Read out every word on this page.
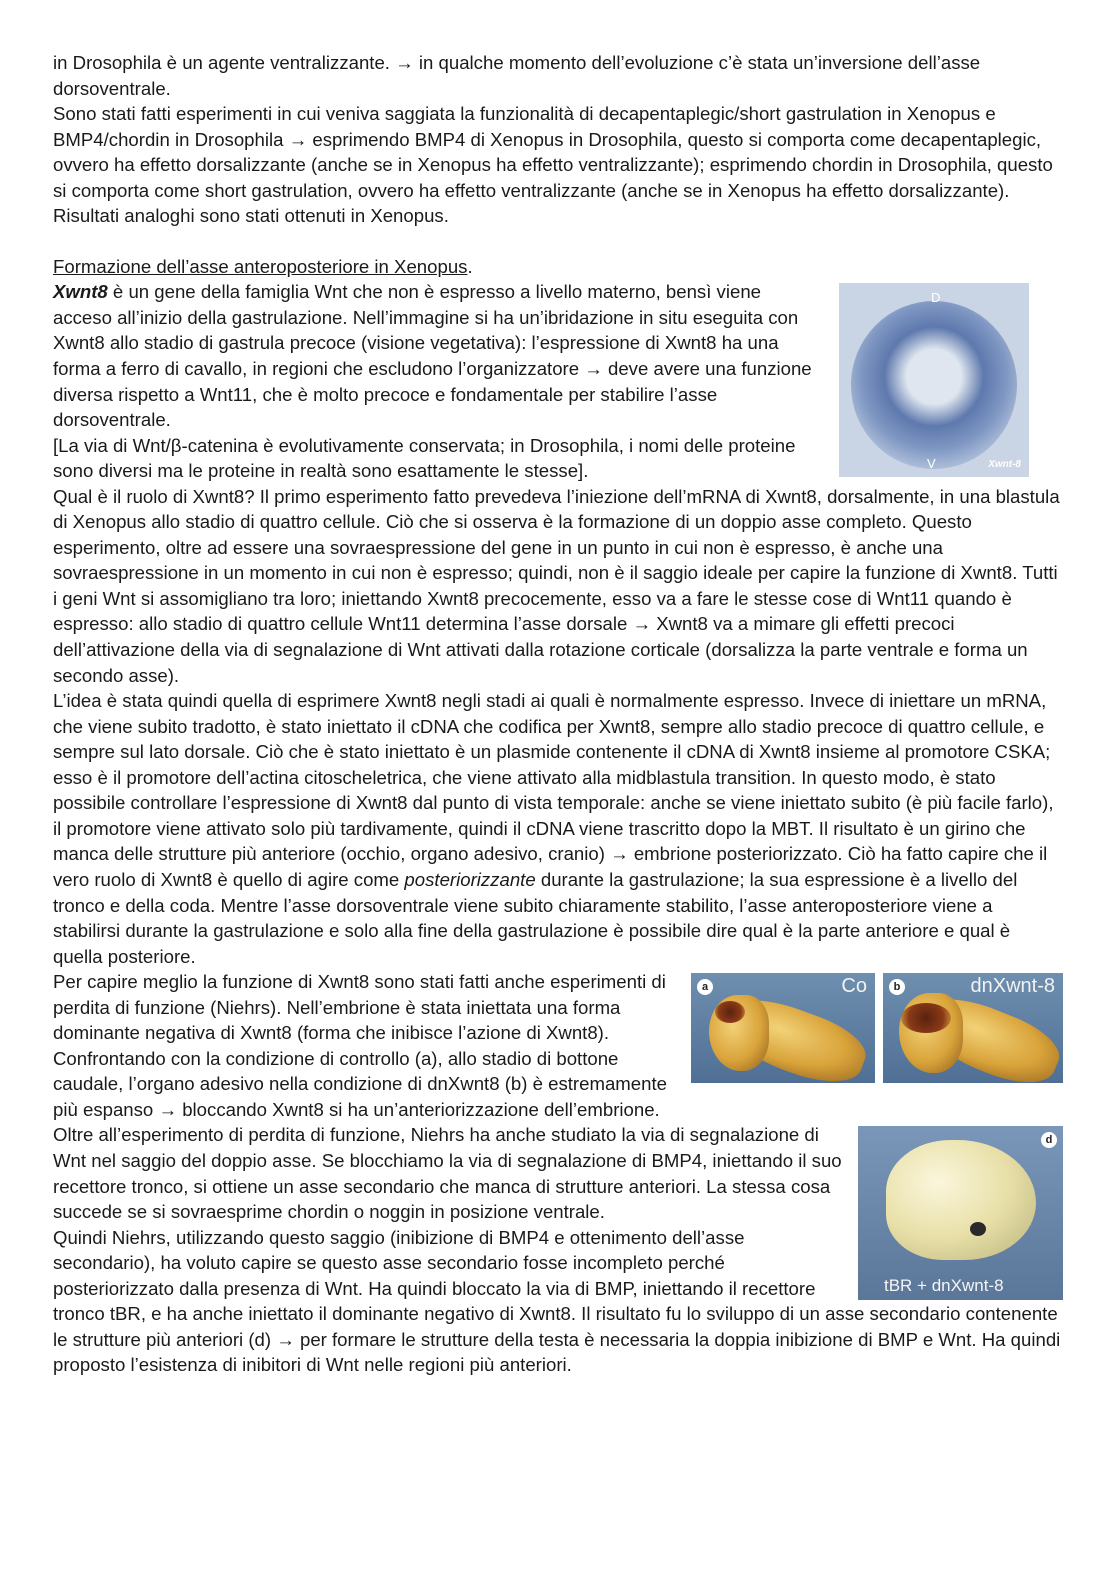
in Drosophila è un agente ventralizzante. → in qualche momento dell’evoluzione c’è stata un’inversione dell’asse dorsoventrale.

Sono stati fatti esperimenti in cui veniva saggiata la funzionalità di decapentaplegic/short gastrulation in Xenopus e BMP4/chordin in Drosophila → esprimendo BMP4 di Xenopus in Drosophila, questo si comporta come decapentaplegic, ovvero ha effetto dorsalizzante (anche se in Xenopus ha effetto ventralizzante); esprimendo chordin in Drosophila, questo si comporta come short gastrulation, ovvero ha effetto ventralizzante (anche se in Xenopus ha effetto dorsalizzante). Risultati analoghi sono stati ottenuti in Xenopus.

Formazione dell’asse anteroposteriore in Xenopus.

D
V	Xwnt-8

Xwnt8 è un gene della famiglia Wnt che non è espresso a livello materno, bensì viene acceso all’inizio della gastrulazione. Nell’immagine si ha un’ibridazione in situ eseguita con Xwnt8 allo stadio di gastrula precoce (visione vegetativa): l’espressione di Xwnt8 ha una forma a ferro di cavallo, in regioni che escludono l’organizzatore → deve avere una funzione diversa rispetto a Wnt11, che è molto precoce e fondamentale per stabilire l’asse dorsoventrale.

[La via di Wnt/β-catenina è evolutivamente conservata; in Drosophila, i nomi delle proteine sono diversi ma le proteine in realtà sono esattamente le stesse].

Qual è il ruolo di Xwnt8? Il primo esperimento fatto prevedeva l’iniezione dell’mRNA di Xwnt8, dorsalmente, in una blastula di Xenopus allo stadio di quattro cellule. Ciò che si osserva è la formazione di un doppio asse completo. Questo esperimento, oltre ad essere una sovraespressione del gene in un punto in cui non è espresso, è anche una sovraespressione in un momento in cui non è espresso; quindi, non è il saggio ideale per capire la funzione di Xwnt8. Tutti i geni Wnt si assomigliano tra loro; iniettando Xwnt8 precocemente, esso va a fare le stesse cose di Wnt11 quando è espresso: allo stadio di quattro cellule Wnt11 determina l’asse dorsale → Xwnt8 va a mimare gli effetti precoci dell’attivazione della via di segnalazione di Wnt attivati dalla rotazione corticale (dorsalizza la parte ventrale e forma un secondo asse).

L’idea è stata quindi quella di esprimere Xwnt8 negli stadi ai quali è normalmente espresso. Invece di iniettare un mRNA, che viene subito tradotto, è stato iniettato il cDNA che codifica per Xwnt8, sempre allo stadio precoce di quattro cellule, e sempre sul lato dorsale. Ciò che è stato iniettato è un plasmide contenente il cDNA di Xwnt8 insieme al promotore CSKA; esso è il promotore dell’actina citoscheletrica, che viene attivato alla midblastula transition. In questo modo, è stato possibile controllare l’espressione di Xwnt8 dal punto di vista temporale: anche se viene iniettato subito (è più facile farlo), il promotore viene attivato solo più tardivamente, quindi il cDNA viene trascritto dopo la MBT. Il risultato è un girino che manca delle strutture più anteriore (occhio, organo adesivo, cranio) → embrione posteriorizzato. Ciò ha fatto capire che il vero ruolo di Xwnt8 è quello di agire come posteriorizzante durante la gastrulazione; la sua espressione è a livello del tronco e della coda. Mentre l’asse dorsoventrale viene subito chiaramente stabilito, l’asse anteroposteriore viene a stabilirsi durante la gastrulazione e solo alla fine della gastrulazione è possibile dire qual è la parte anteriore e qual è quella posteriore.

a	Co	b	dnXwnt-8

Per capire meglio la funzione di Xwnt8 sono stati fatti anche esperimenti di perdita di funzione (Niehrs). Nell’embrione è stata iniettata una forma dominante negativa di Xwnt8 (forma che inibisce l’azione di Xwnt8). Confrontando con la condizione di controllo (a), allo stadio di bottone caudale, l’organo adesivo nella condizione di dnXwnt8 (b) è estremamente più espanso → bloccando Xwnt8 si ha un’anteriorizzazione dell’embrione.

d
tBR + dnXwnt-8

Oltre all’esperimento di perdita di funzione, Niehrs ha anche studiato la via di segnalazione di Wnt nel saggio del doppio asse. Se blocchiamo la via di segnalazione di BMP4, iniettando il suo recettore tronco, si ottiene un asse secondario che manca di strutture anteriori. La stessa cosa succede se si sovraesprime chordin o noggin in posizione ventrale.

Quindi Niehrs, utilizzando questo saggio (inibizione di BMP4 e ottenimento dell’asse secondario), ha voluto capire se questo asse secondario fosse incompleto perché posteriorizzato dalla presenza di Wnt. Ha quindi bloccato la via di BMP, iniettando il recettore tronco tBR, e ha anche iniettato il dominante negativo di Xwnt8. Il risultato fu lo sviluppo di un asse secondario contenente le strutture più anteriori (d) → per formare le strutture della testa è necessaria la doppia inibizione di BMP e Wnt. Ha quindi proposto l’esistenza di inibitori di Wnt nelle regioni più anteriori.
